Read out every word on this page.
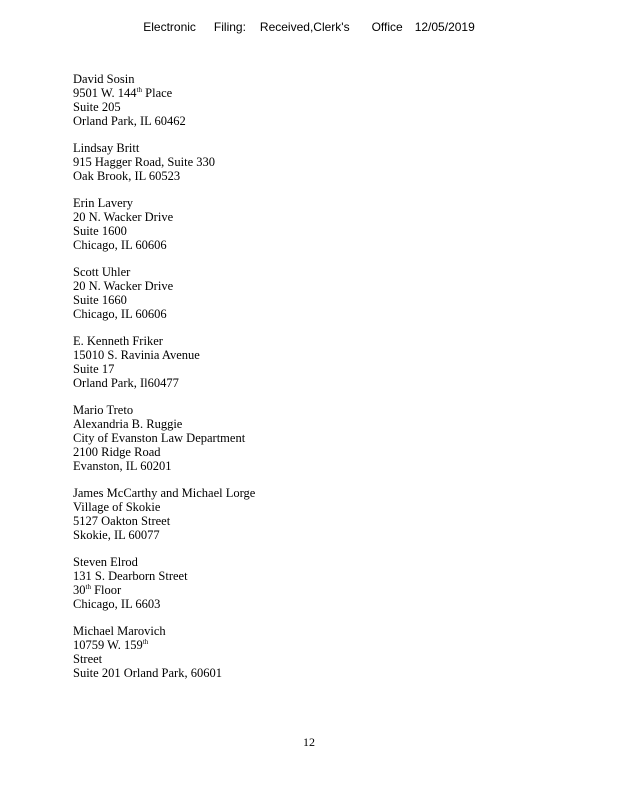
Electronic Filing: Received,Clerk's Office 12/05/2019
David Sosin
9501 W. 144th Place
Suite 205
Orland Park, IL 60462
Lindsay Britt
915 Hagger Road, Suite 330
Oak Brook, IL 60523
Erin Lavery
20 N. Wacker Drive
Suite 1600
Chicago, IL 60606
Scott Uhler
20 N. Wacker Drive
Suite 1660
Chicago, IL 60606
E. Kenneth Friker
15010 S. Ravinia Avenue
Suite 17
Orland Park, Il60477
Mario Treto
Alexandria B. Ruggie
City of Evanston Law Department
2100 Ridge Road
Evanston, IL 60201
James McCarthy and Michael Lorge
Village of Skokie
5127 Oakton Street
Skokie, IL 60077
Steven Elrod
131 S. Dearborn Street
30th Floor
Chicago, IL 6603
Michael Marovich
10759 W. 159th
Street
Suite 201 Orland Park, 60601
12
